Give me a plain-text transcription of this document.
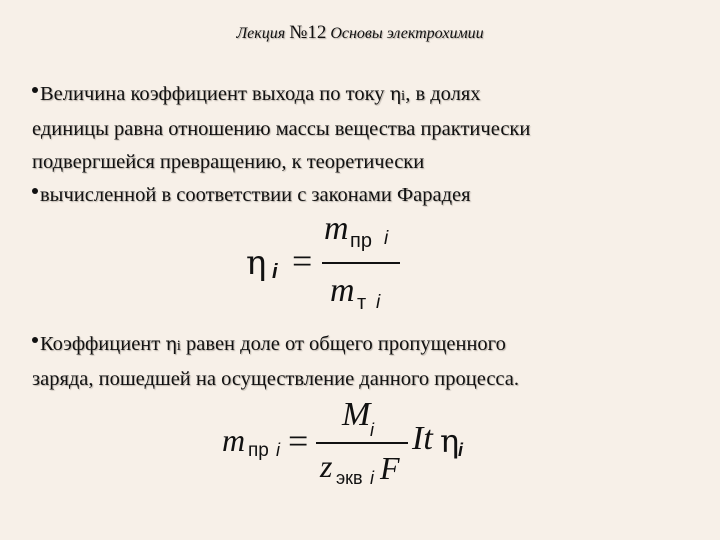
Лекция №12 Основы электрохимии
Величина коэффициент выхода по току ηi, в долях
единицы равна отношению массы вещества практически
подвергшейся превращению, к теоретически
вычисленной в соответствии с законами Фарадея
η i =
m пр i
m т i
Коэффициент ηi равен доле от общего пропущенного
заряда, пошедшей на осуществление данного процесса.
m пр i =
M i
z экв i F
It η
i
